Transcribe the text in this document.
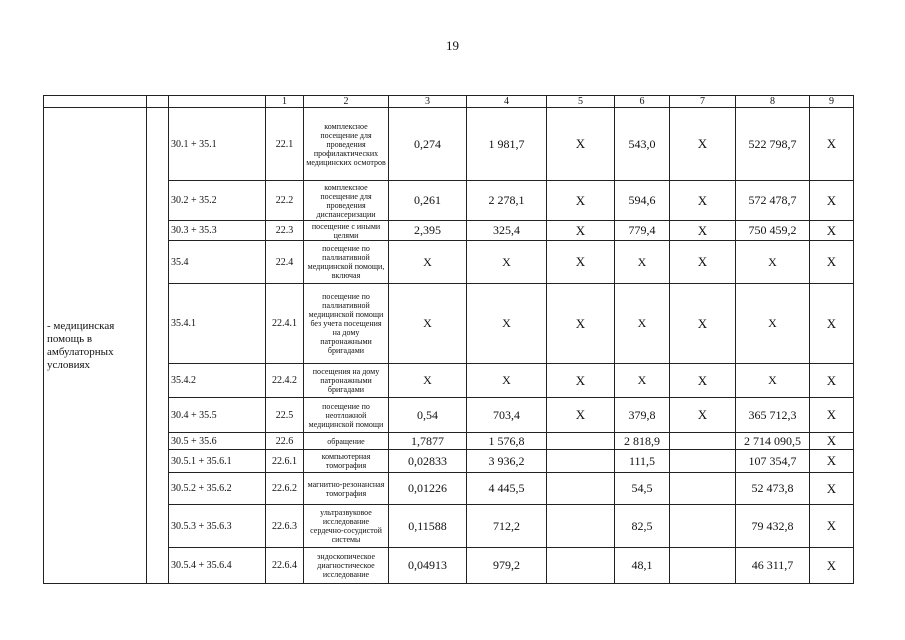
19
			1	2	3	4	5	6	7	8	9
- медицинская помощь в амбулаторных условиях		30.1 + 35.1	22.1	комплексное посещение для проведения профилактических медицинских осмотров	0,274	1 981,7	X	543,0	X	522 798,7	X
		30.2 + 35.2	22.2	комплексное посещение для проведения диспансеризации	0,261	2 278,1	X	594,6	X	572 478,7	X
		30.3 + 35.3	22.3	посещение с иными целями	2,395	325,4	X	779,4	X	750 459,2	X
		35.4	22.4	посещение по паллиативной медицинской помощи, включая	X	X	X	X	X	X	X
		35.4.1	22.4.1	посещение по паллиативной медицинской помощи без учета посещения на дому патронажными бригадами	X	X	X	X	X	X	X
		35.4.2	22.4.2	посещения на дому патронажными бригадами	X	X	X	X	X	X	X
		30.4 + 35.5	22.5	посещение по неотложной медицинской помощи	0,54	703,4	X	379,8	X	365 712,3	X
		30.5 + 35.6	22.6	обращение	1,7877	1 576,8		2 818,9		2 714 090,5	X
		30.5.1 + 35.6.1	22.6.1	компьютерная томография	0,02833	3 936,2		111,5		107 354,7	X
		30.5.2 + 35.6.2	22.6.2	магнитно-резонансная томография	0,01226	4 445,5		54,5		52 473,8	X
		30.5.3 + 35.6.3	22.6.3	ультразвуковое исследование сердечно-сосудистой системы	0,11588	712,2		82,5		79 432,8	X
		30.5.4 + 35.6.4	22.6.4	эндоскопическое диагностическое исследование	0,04913	979,2		48,1		46 311,7	X
